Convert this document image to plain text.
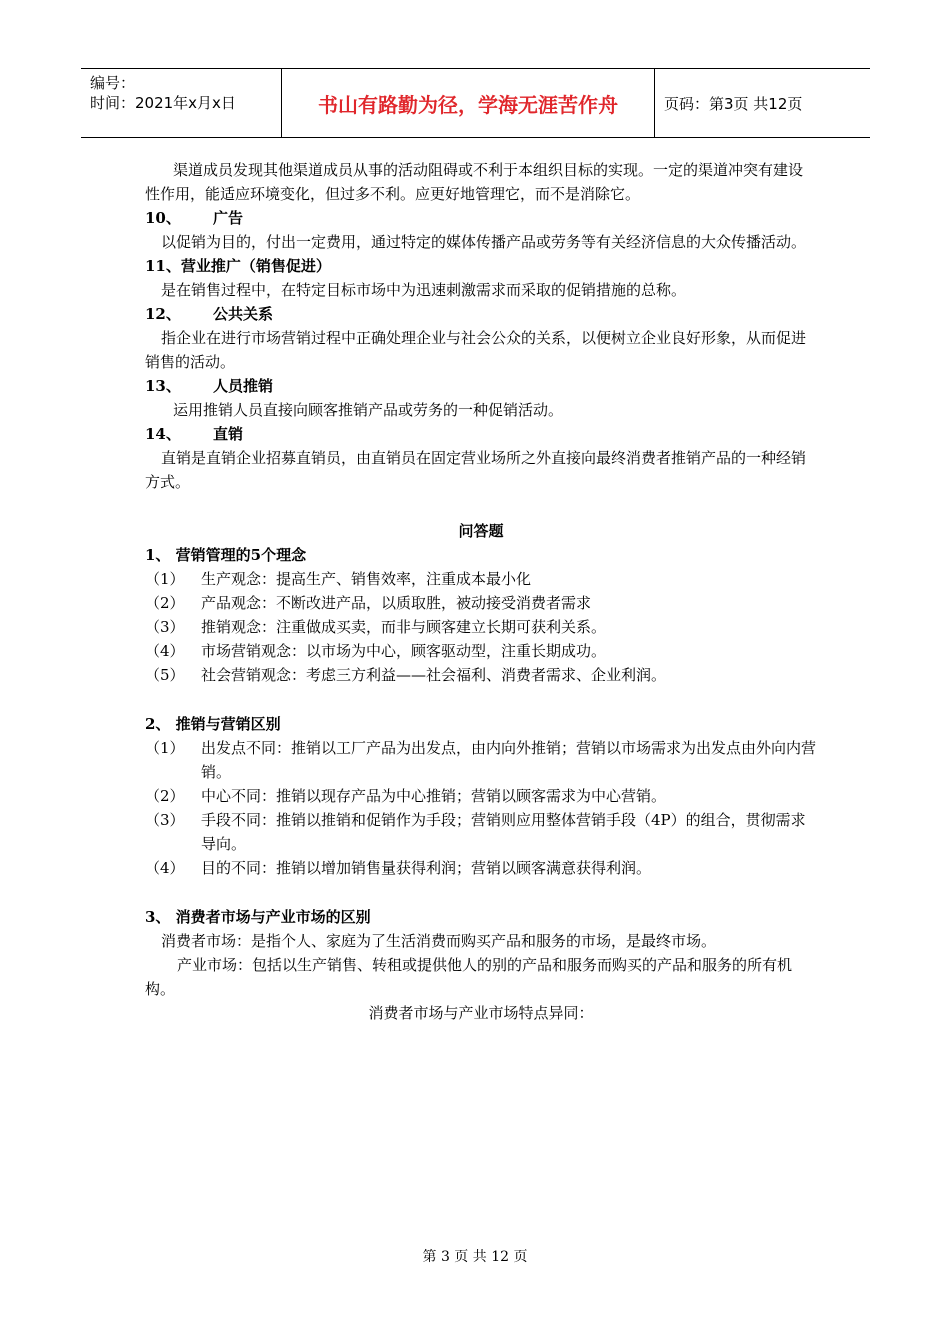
编号：
时间：2021年x月x日	书山有路勤为径，学海无涯苦作舟	页码：第3页 共12页

渠道成员发现其他渠道成员从事的活动阻碍或不利于本组织目标的实现。一定的渠道冲突有建设性作用，能适应环境变化，但过多不利。应更好地管理它，而不是消除它。

10、	广告

以促销为目的，付出一定费用，通过特定的媒体传播产品或劳务等有关经济信息的大众传播活动。

11、营业推广（销售促进）

是在销售过程中，在特定目标市场中为迅速刺激需求而采取的促销措施的总称。

12、	公共关系

指企业在进行市场营销过程中正确处理企业与社会公众的关系，以便树立企业良好形象，从而促进销售的活动。

13、	人员推销

运用推销人员直接向顾客推销产品或劳务的一种促销活动。

14、	直销

直销是直销企业招募直销员，由直销员在固定营业场所之外直接向最终消费者推销产品的一种经销方式。

问答题
1、 营销管理的5个理念
（1）	生产观念：提高生产、销售效率，注重成本最小化
（2）	产品观念：不断改进产品，以质取胜，被动接受消费者需求
（3）	推销观念：注重做成买卖，而非与顾客建立长期可获利关系。
（4）	市场营销观念：以市场为中心，顾客驱动型，注重长期成功。
（5）	社会营销观念：考虑三方利益——社会福利、消费者需求、企业利润。
2、 推销与营销区别
（1）	出发点不同：推销以工厂产品为出发点，由内向外推销；营销以市场需求为出发点由外向内营销。
（2）	中心不同：推销以现存产品为中心推销；营销以顾客需求为中心营销。
（3）	手段不同：推销以推销和促销作为手段；营销则应用整体营销手段（4P）的组合，贯彻需求导向。
（4）	目的不同：推销以增加销售量获得利润；营销以顾客满意获得利润。
3、 消费者市场与产业市场的区别

消费者市场：是指个人、家庭为了生活消费而购买产品和服务的市场，是最终市场。

产业市场：包括以生产销售、转租或提供他人的别的产品和服务而购买的产品和服务的所有机构。

消费者市场与产业市场特点异同：

第 3 页 共 12 页
